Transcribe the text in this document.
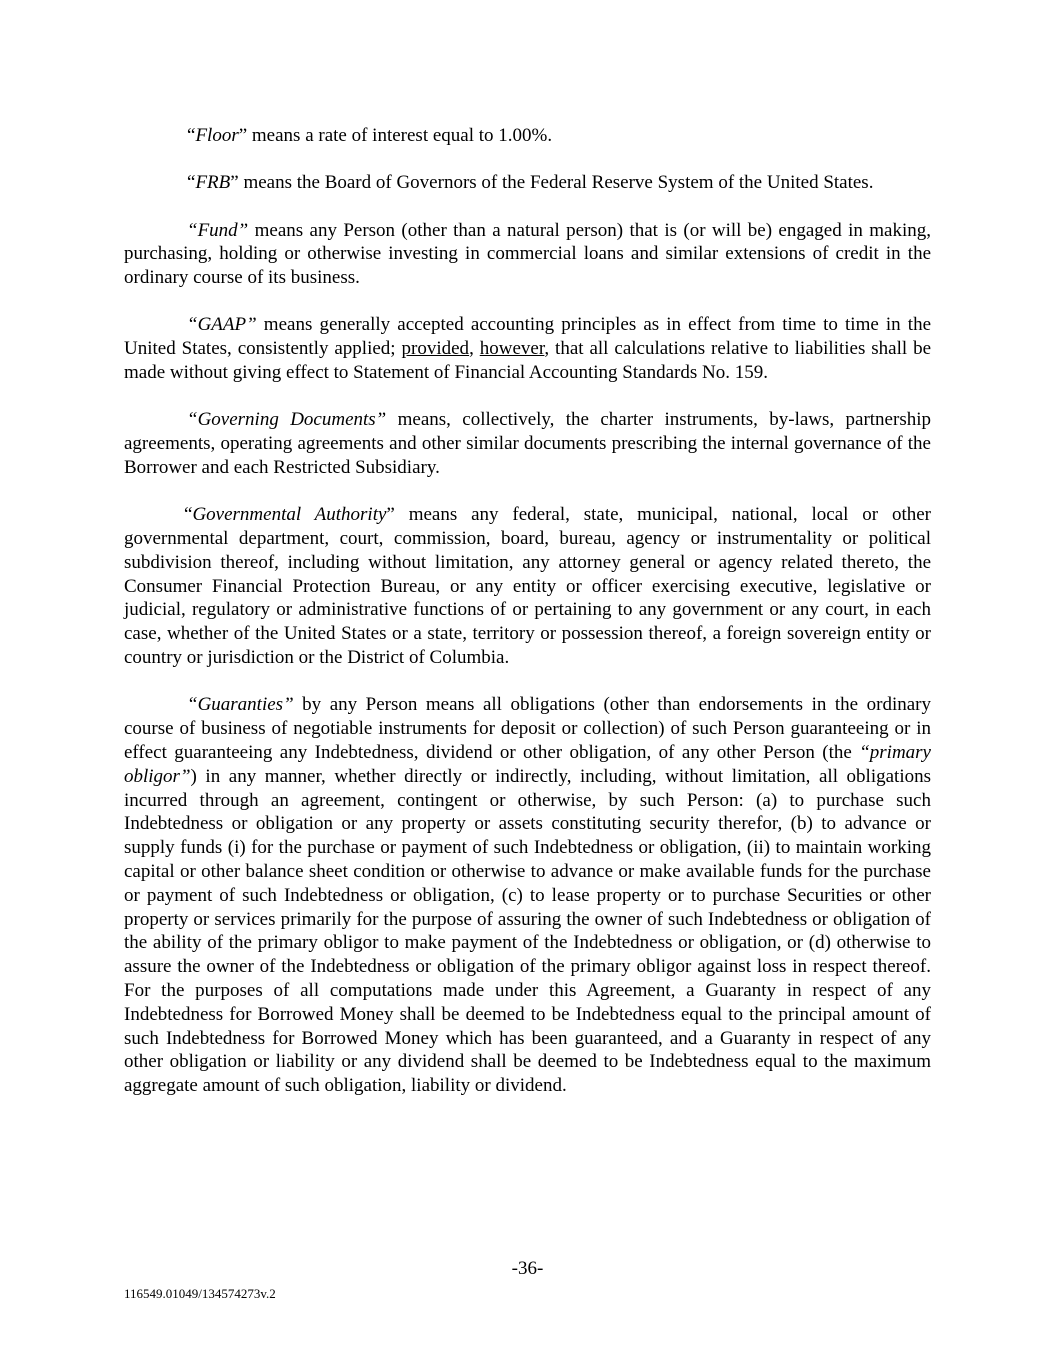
“Floor” means a rate of interest equal to 1.00%.

“FRB” means the Board of Governors of the Federal Reserve System of the United States.

“Fund” means any Person (other than a natural person) that is (or will be) engaged in making, purchasing, holding or otherwise investing in commercial loans and similar extensions of credit in the ordinary course of its business.

“GAAP” means generally accepted accounting principles as in effect from time to time in the United States, consistently applied; provided, however, that all calculations relative to liabilities shall be made without giving effect to Statement of Financial Accounting Standards No. 159.

“Governing Documents” means, collectively, the charter instruments, by-laws, partnership agreements, operating agreements and other similar documents prescribing the internal governance of the Borrower and each Restricted Subsidiary.

“Governmental Authority” means any federal, state, municipal, national, local or other governmental department, court, commission, board, bureau, agency or instrumentality or political subdivision thereof, including without limitation, any attorney general or agency related thereto, the Consumer Financial Protection Bureau, or any entity or officer exercising executive, legislative or judicial, regulatory or administrative functions of or pertaining to any government or any court, in each case, whether of the United States or a state, territory or possession thereof, a foreign sovereign entity or country or jurisdiction or the District of Columbia.

“Guaranties” by any Person means all obligations (other than endorsements in the ordinary course of business of negotiable instruments for deposit or collection) of such Person guaranteeing or in effect guaranteeing any Indebtedness, dividend or other obligation, of any other Person (the “primary obligor”) in any manner, whether directly or indirectly, including, without limitation, all obligations incurred through an agreement, contingent or otherwise, by such Person: (a) to purchase such Indebtedness or obligation or any property or assets constituting security therefor, (b) to advance or supply funds (i) for the purchase or payment of such Indebtedness or obligation, (ii) to maintain working capital or other balance sheet condition or otherwise to advance or make available funds for the purchase or payment of such Indebtedness or obligation, (c) to lease property or to purchase Securities or other property or services primarily for the purpose of assuring the owner of such Indebtedness or obligation of the ability of the primary obligor to make payment of the Indebtedness or obligation, or (d) otherwise to assure the owner of the Indebtedness or obligation of the primary obligor against loss in respect thereof. For the purposes of all computations made under this Agreement, a Guaranty in respect of any Indebtedness for Borrowed Money shall be deemed to be Indebtedness equal to the principal amount of such Indebtedness for Borrowed Money which has been guaranteed, and a Guaranty in respect of any other obligation or liability or any dividend shall be deemed to be Indebtedness equal to the maximum aggregate amount of such obligation, liability or dividend.

-36-
116549.01049/134574273v.2
